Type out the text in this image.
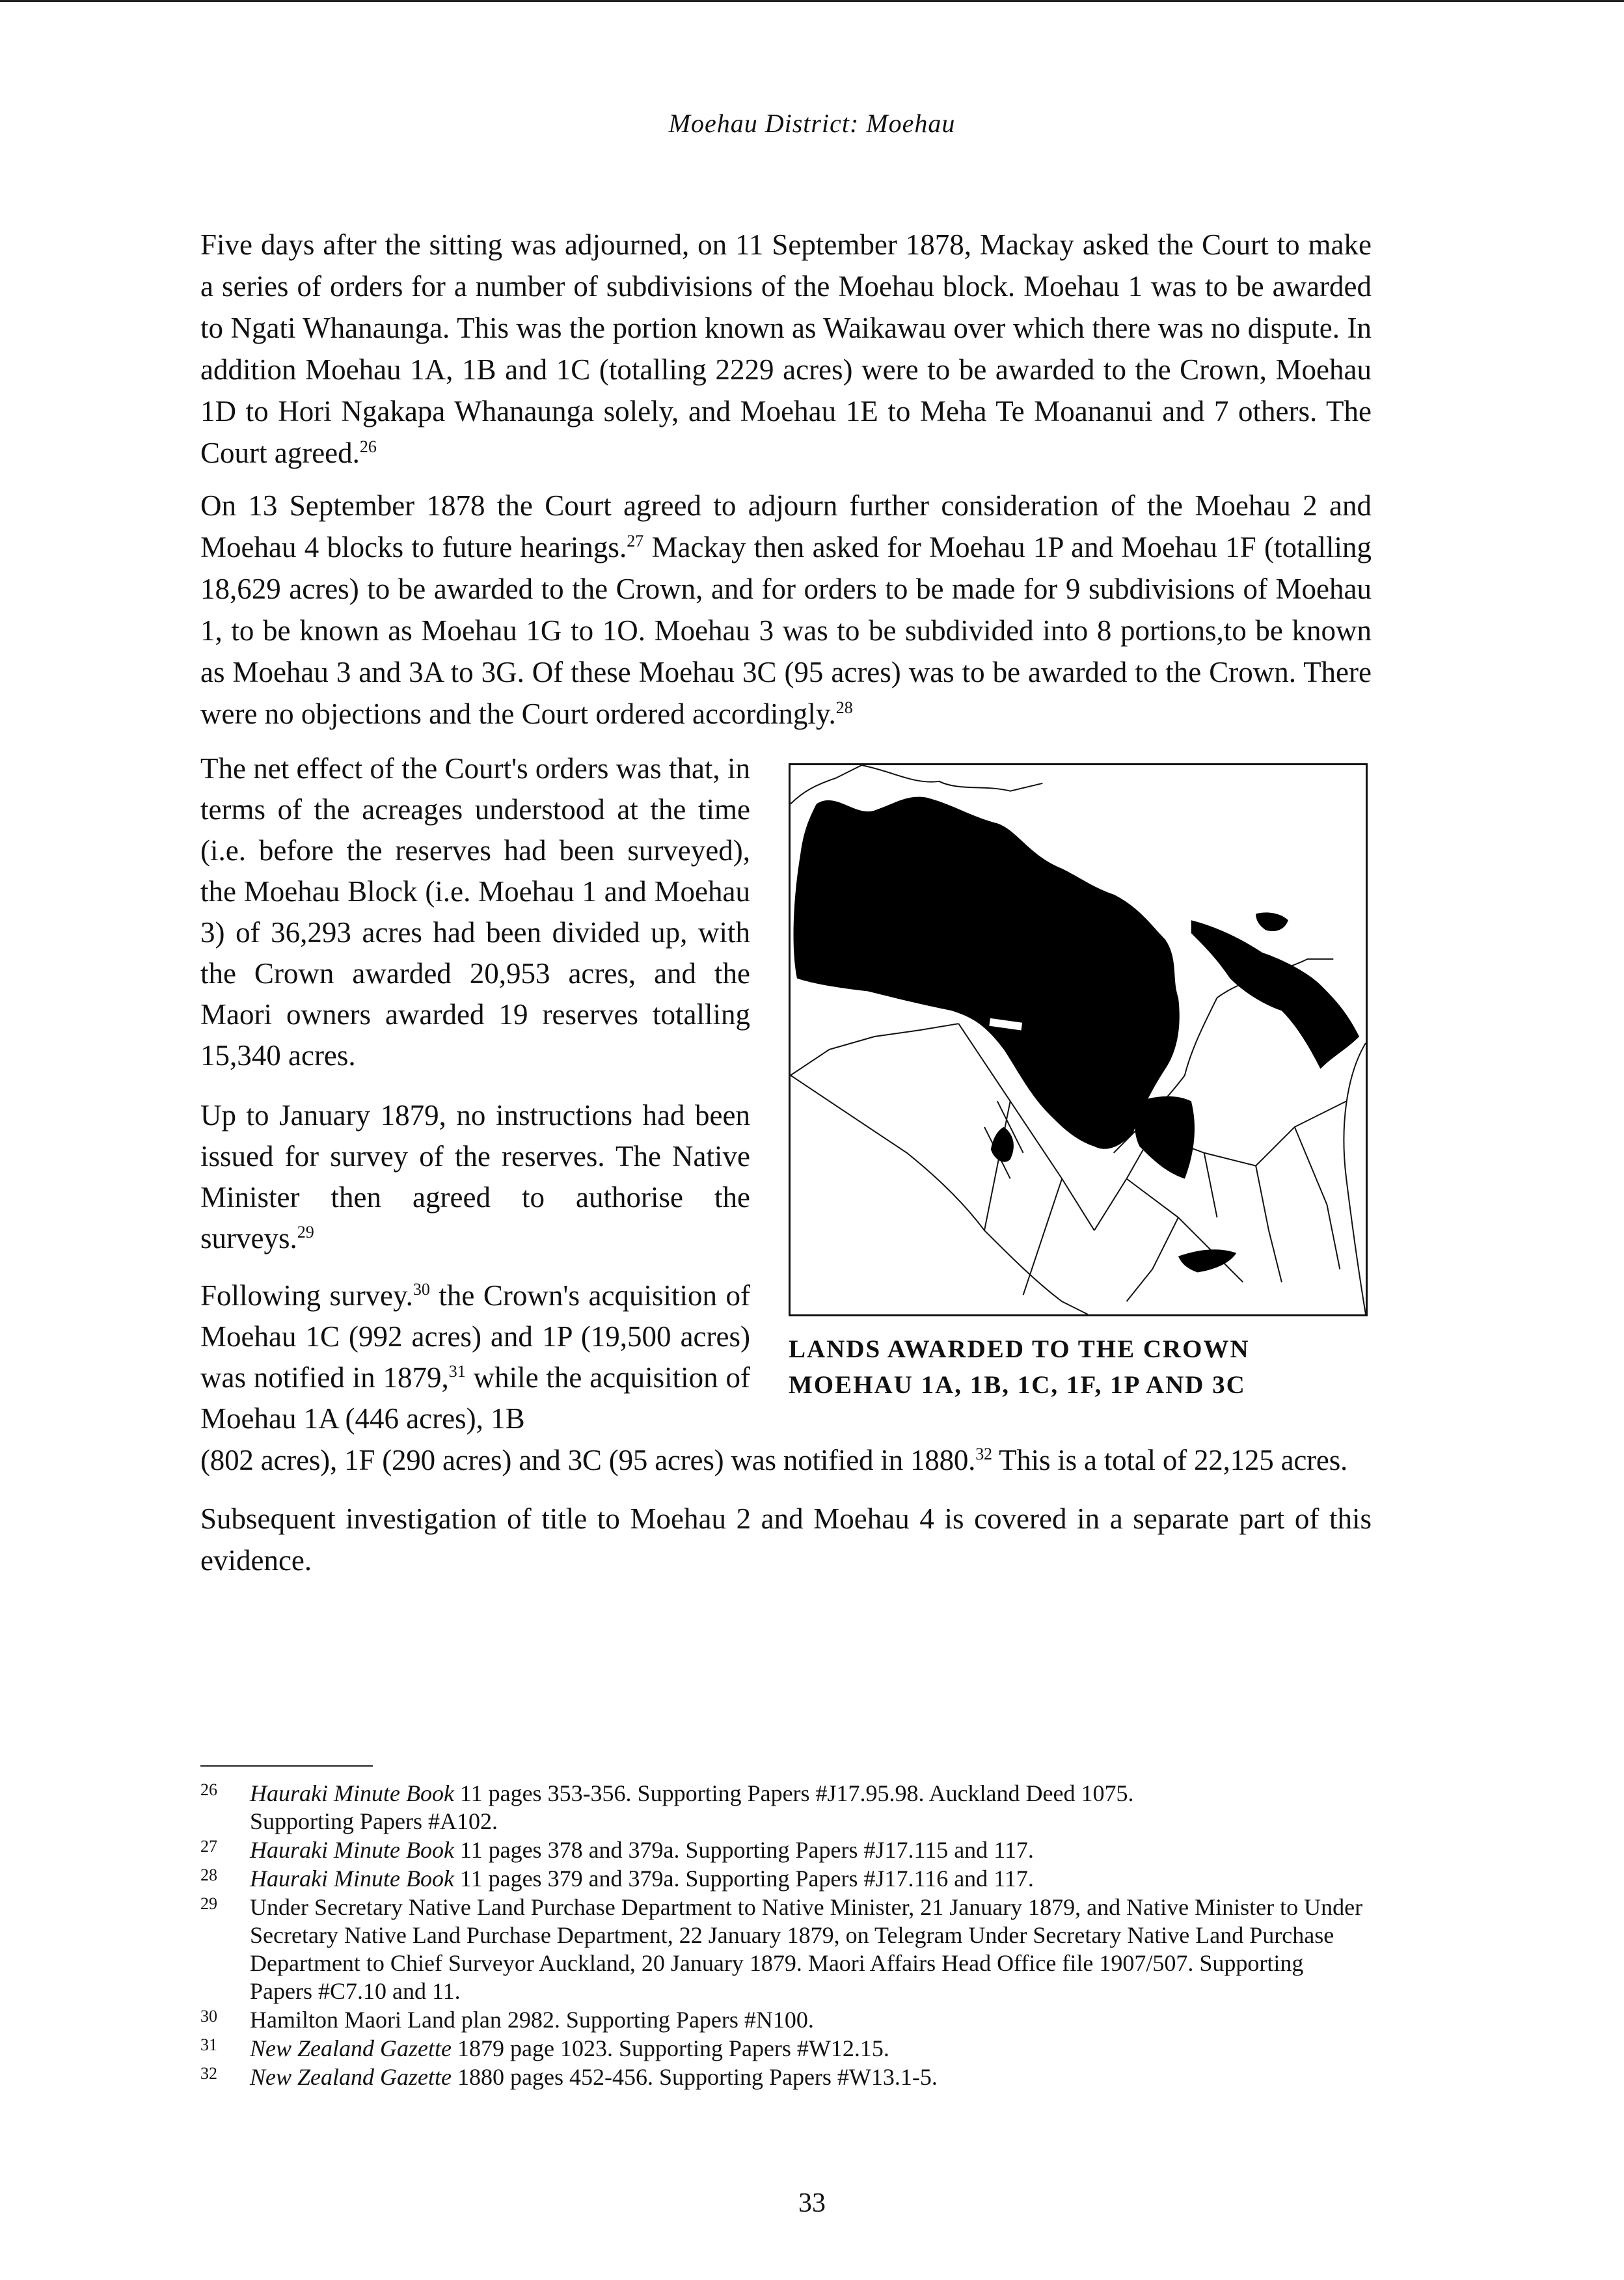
Moehau District: Moehau

Five days after the sitting was adjourned, on 11 September 1878, Mackay asked the Court to make a series of orders for a number of subdivisions of the Moehau block. Moehau 1 was to be awarded to Ngati Whanaunga. This was the portion known as Waikawau over which there was no dispute. In addition Moehau 1A, 1B and 1C (totalling 2229 acres) were to be awarded to the Crown, Moehau 1D to Hori Ngakapa Whanaunga solely, and Moehau 1E to Meha Te Moananui and 7 others. The Court agreed.$^{26}$

On 13 September 1878 the Court agreed to adjourn further consideration of the Moehau 2 and Moehau 4 blocks to future hearings.$^{27}$ Mackay then asked for Moehau 1P and Moehau 1F (totalling 18,629 acres) to be awarded to the Crown, and for orders to be made for 9 subdivisions of Moehau 1, to be known as Moehau 1G to 1O. Moehau 3 was to be subdivided into 8 portions,to be known as Moehau 3 and 3A to 3G. Of these Moehau 3C (95 acres) was to be awarded to the Crown. There were no objections and the Court ordered accordingly.$^{28}$

The net effect of the Court's orders was that, in terms of the acreages understood at the time (i.e. before the reserves had been surveyed), the Moehau Block (i.e. Moehau 1 and Moehau 3) of 36,293 acres had been divided up, with the Crown awarded 20,953 acres, and the Maori owners awarded 19 reserves totalling 15,340 acres.

Up to January 1879, no instructions had been issued for survey of the reserves. The Native Minister then agreed to authorise the surveys.$^{29}$

Following survey.$^{30}$ the Crown's acquisition of Moehau 1C (992 acres) and 1P (19,500 acres) was notified in 1879,31 while the acquisition of Moehau 1A (446 acres), 1B

(802 acres), 1F (290 acres) and 3C (95 acres) was notified in 1880.32 This is a total of 22,125 acres.

Subsequent investigation of title to Moehau 2 and Moehau 4 is covered in a separate part of this evidence.

LANDS AWARDED TO THE CROWN
MOEHAU 1A, 1B, 1C, 1F, 1P AND 3C
26 Hauraki Minute Book 11 pages 353-356. Supporting Papers #J17.95.98. Auckland Deed 1075.
Supporting Papers #A102.
27 Hauraki Minute Book 11 pages 378 and 379a. Supporting Papers #J17.115 and 117.
28 Hauraki Minute Book 11 pages 379 and 379a. Supporting Papers #J17.116 and 117.
29 Under Secretary Native Land Purchase Department to Native Minister, 21 January 1879, and Native Minister to Under Secretary Native Land Purchase Department, 22 January 1879, on Telegram Under Secretary Native Land Purchase Department to Chief Surveyor Auckland, 20 January 1879. Maori Affairs Head Office file 1907/507. Supporting Papers #C7.10 and 11.
30 Hamilton Maori Land plan 2982. Supporting Papers #N100.
31 New Zealand Gazette 1879 page 1023. Supporting Papers #W12.15.
32 New Zealand Gazette 1880 pages 452-456. Supporting Papers #W13.1-5.
33
